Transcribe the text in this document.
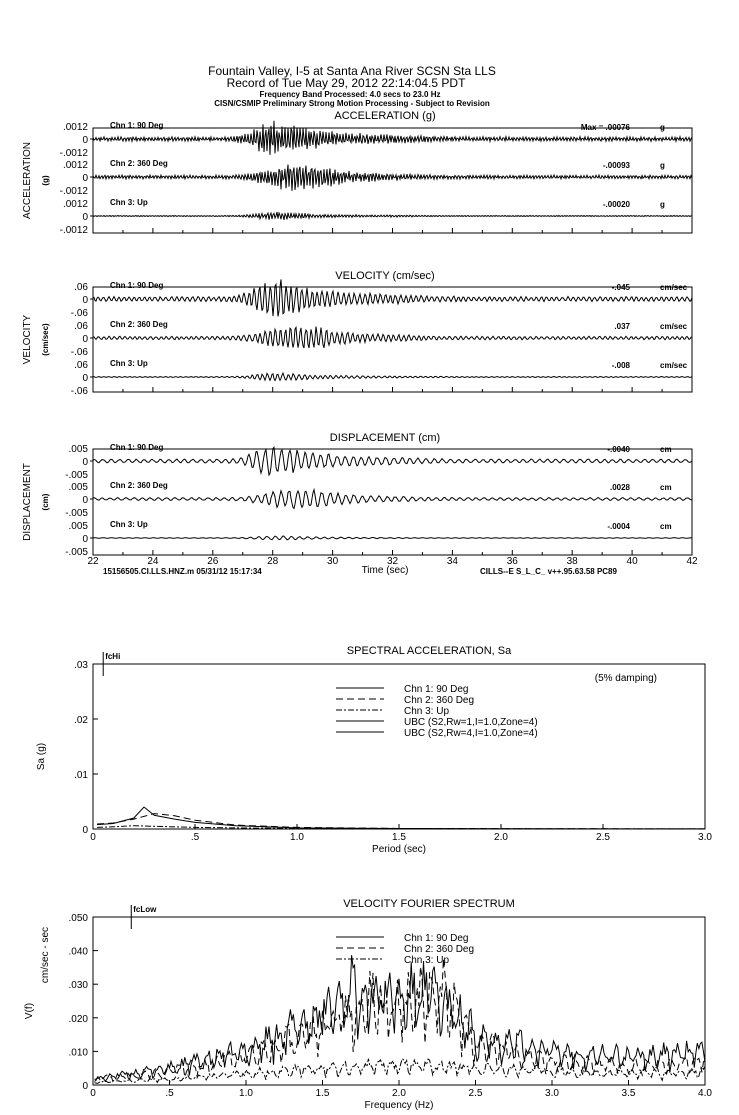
Fountain Valley, I-5 at Santa Ana River SCSN Sta LLS
Record of Tue May 29, 2012 22:14:04.5 PDT
Frequency Band Processed: 4.0 secs to 23.0 Hz
CISN/CSMIP Preliminary Strong Motion Processing - Subject to Revision
ACCELERATION (g)
ACCELERATION (g)
.0012
0
-.0012
Chn 1: 90 Deg	Max = .00076	g
.0012
0
-.0012
Chn 2: 360 Deg	-.00093	g
.0012
0
-.0012
Chn 3: Up	-.00020	g
VELOCITY (cm/sec)
VELOCITY (cm/sec)
.06
0
-.06
Chn 1: 90 Deg	-.045	cm/sec
.06
0
-.06
Chn 2: 360 Deg	.037	cm/sec
.06
0
-.06
Chn 3: Up	-.008	cm/sec
DISPLACEMENT (cm)
DISPLACEMENT (cm)
.005
0
-.005
Chn 1: 90 Deg	-.0040	cm
.005
0
-.005
Chn 2: 360 Deg	.0028	cm
.005
0
-.005
Chn 3: Up	-.0004	cm
22	24	26	28	30	32	34	36	38	40	42
Time (sec)
15156505.CI.LLS.HNZ.m 05/31/12 15:17:34	CILLS--E S_L_C_ v++.95.63.58 PC89
SPECTRAL ACCELERATION, Sa
0	.5	1.0	1.5	2.0	2.5	3.0
0
.01
.02
.03
Period (sec)
Sa (g)
fcHi
(5% damping)
Chn 1: 90 Deg
Chn 2: 360 Deg
Chn 3: Up
UBC (S2,Rw=1,I=1.0,Zone=4)
UBC (S2,Rw=4,I=1.0,Zone=4)
VELOCITY FOURIER SPECTRUM
0	.5	1.0	1.5	2.0	2.5	3.0	3.5	4.0
0
.010
.020
.030
.040
.050
Frequency (Hz)
V(f)
cm/sec - sec
fcLow
Chn 1: 90 Deg
Chn 2: 360 Deg
Chn 3: Up
